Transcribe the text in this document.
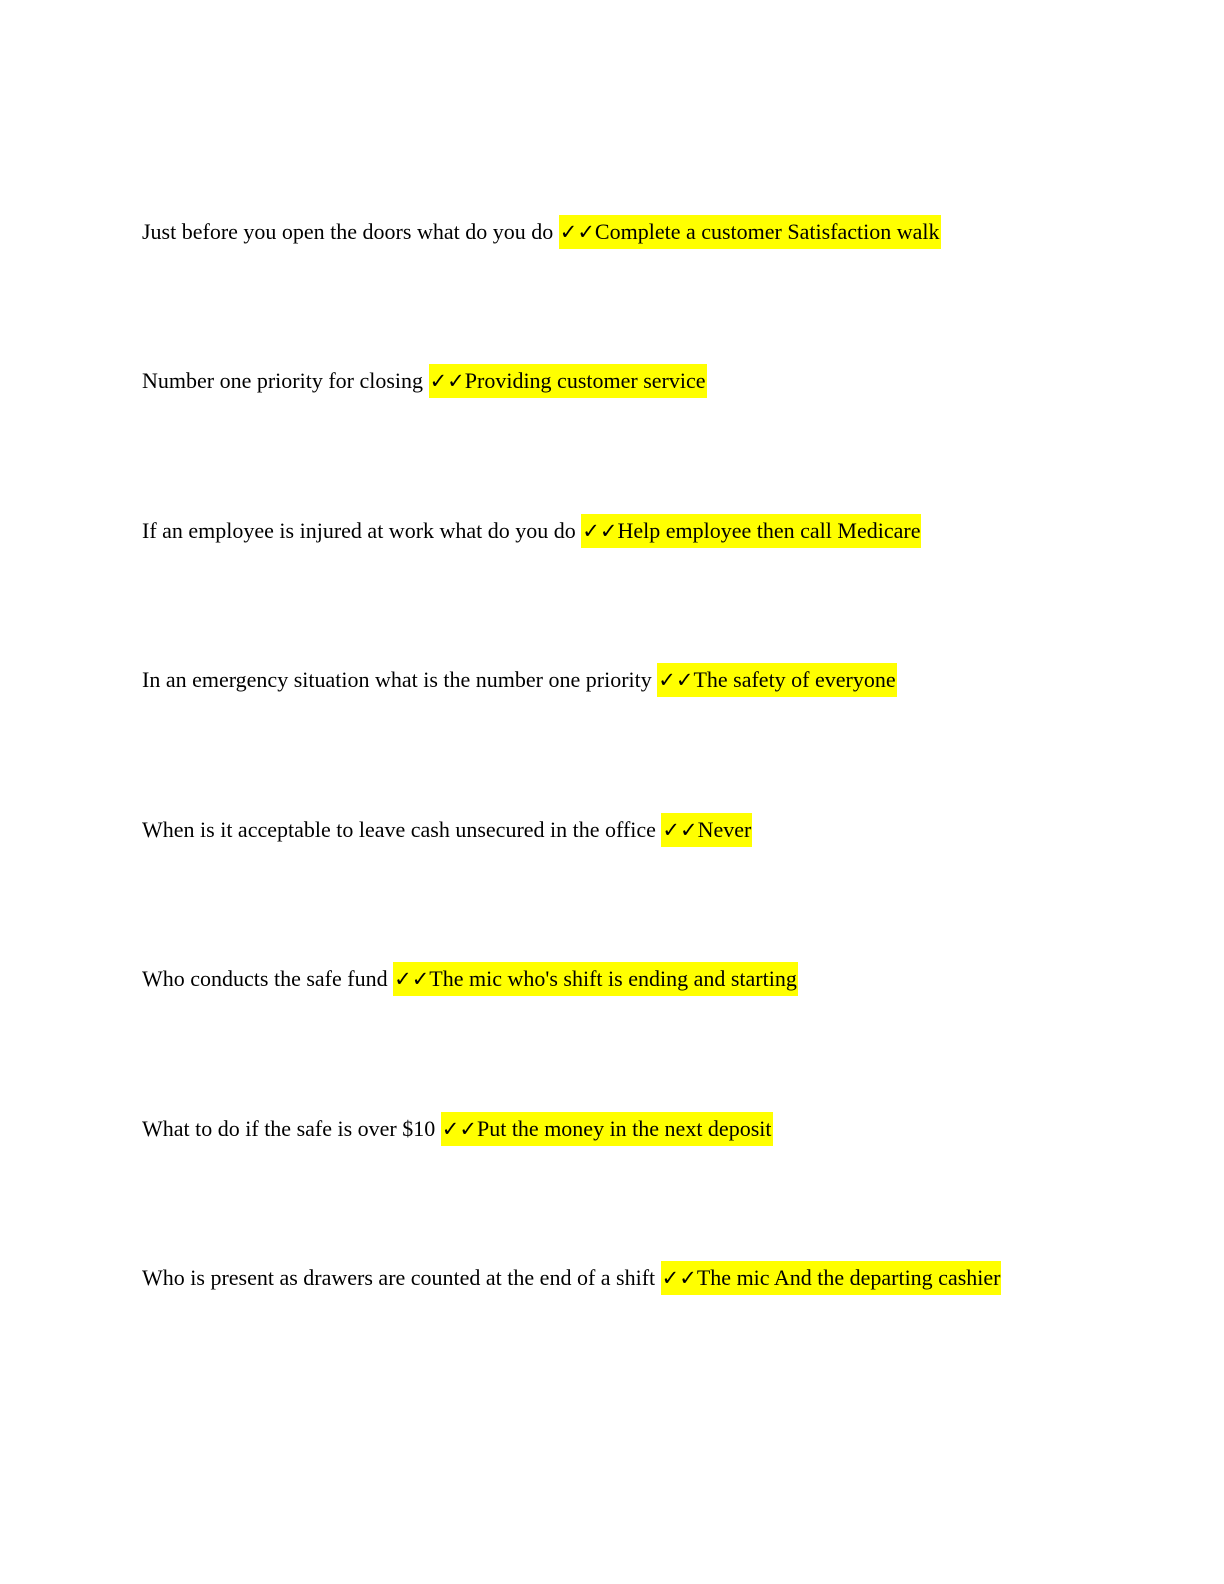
Just before you open the doors what do you do ✓✓Complete a customer Satisfaction walk
Number one priority for closing ✓✓Providing customer service
If an employee is injured at work what do you do ✓✓Help employee then call Medicare
In an emergency situation what is the number one priority ✓✓The safety of everyone
When is it acceptable to leave cash unsecured in the office ✓✓Never
Who conducts the safe fund ✓✓The mic who's shift is ending and starting
What to do if the safe is over $10 ✓✓Put the money in the next deposit
Who is present as drawers are counted at the end of a shift ✓✓The mic And the departing cashier
